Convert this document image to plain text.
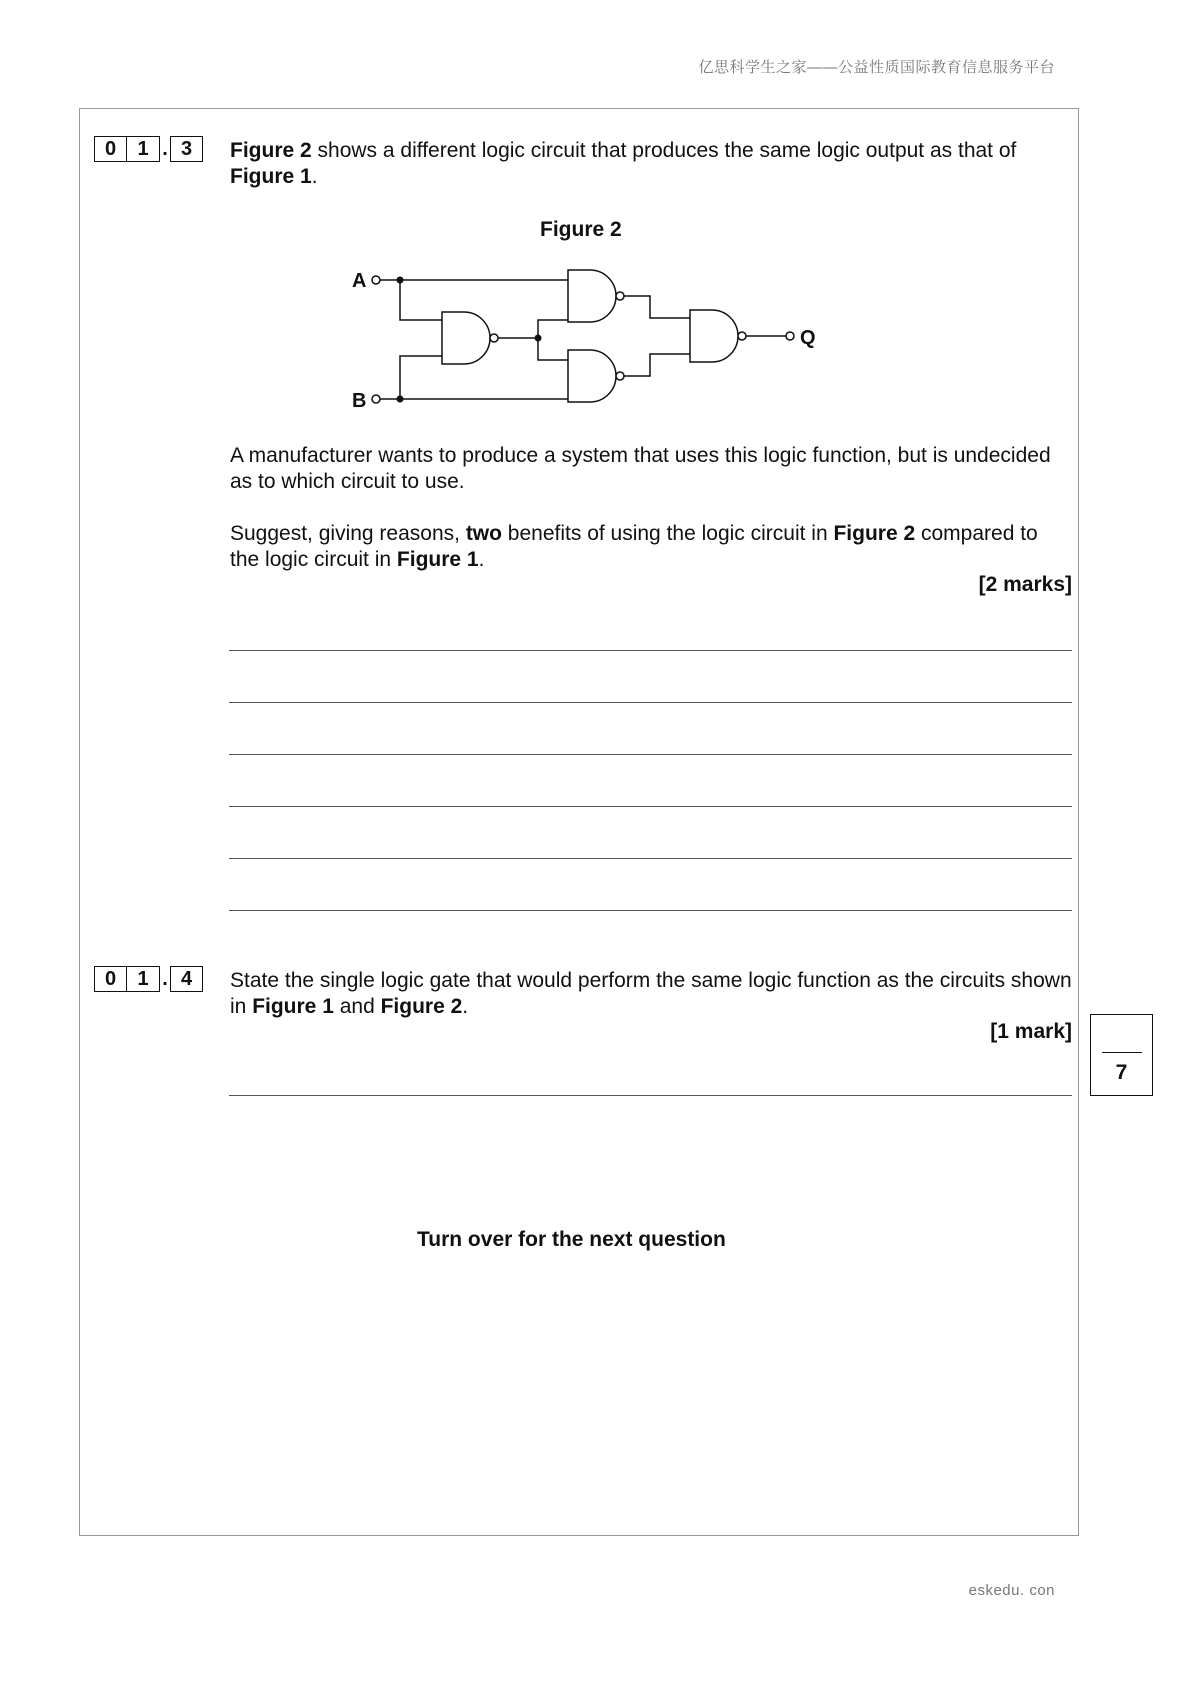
亿思科学生之家——公益性质国际教育信息服务平台
0	1 . 3	Figure 2 shows a different logic circuit that produces the same logic output as that of Figure 1.

Figure 2
A
B
Q

A manufacturer wants to produce a system that uses this logic function, but is undecided as to which circuit to use.

Suggest, giving reasons, two benefits of using the logic circuit in Figure 2 compared to the logic circuit in Figure 1.

[2 marks]
0	1 . 4	State the single logic gate that would perform the same logic function as the circuits shown in Figure 1 and Figure 2.

[1 mark]
7
Turn over for the next question
eskedu. con
